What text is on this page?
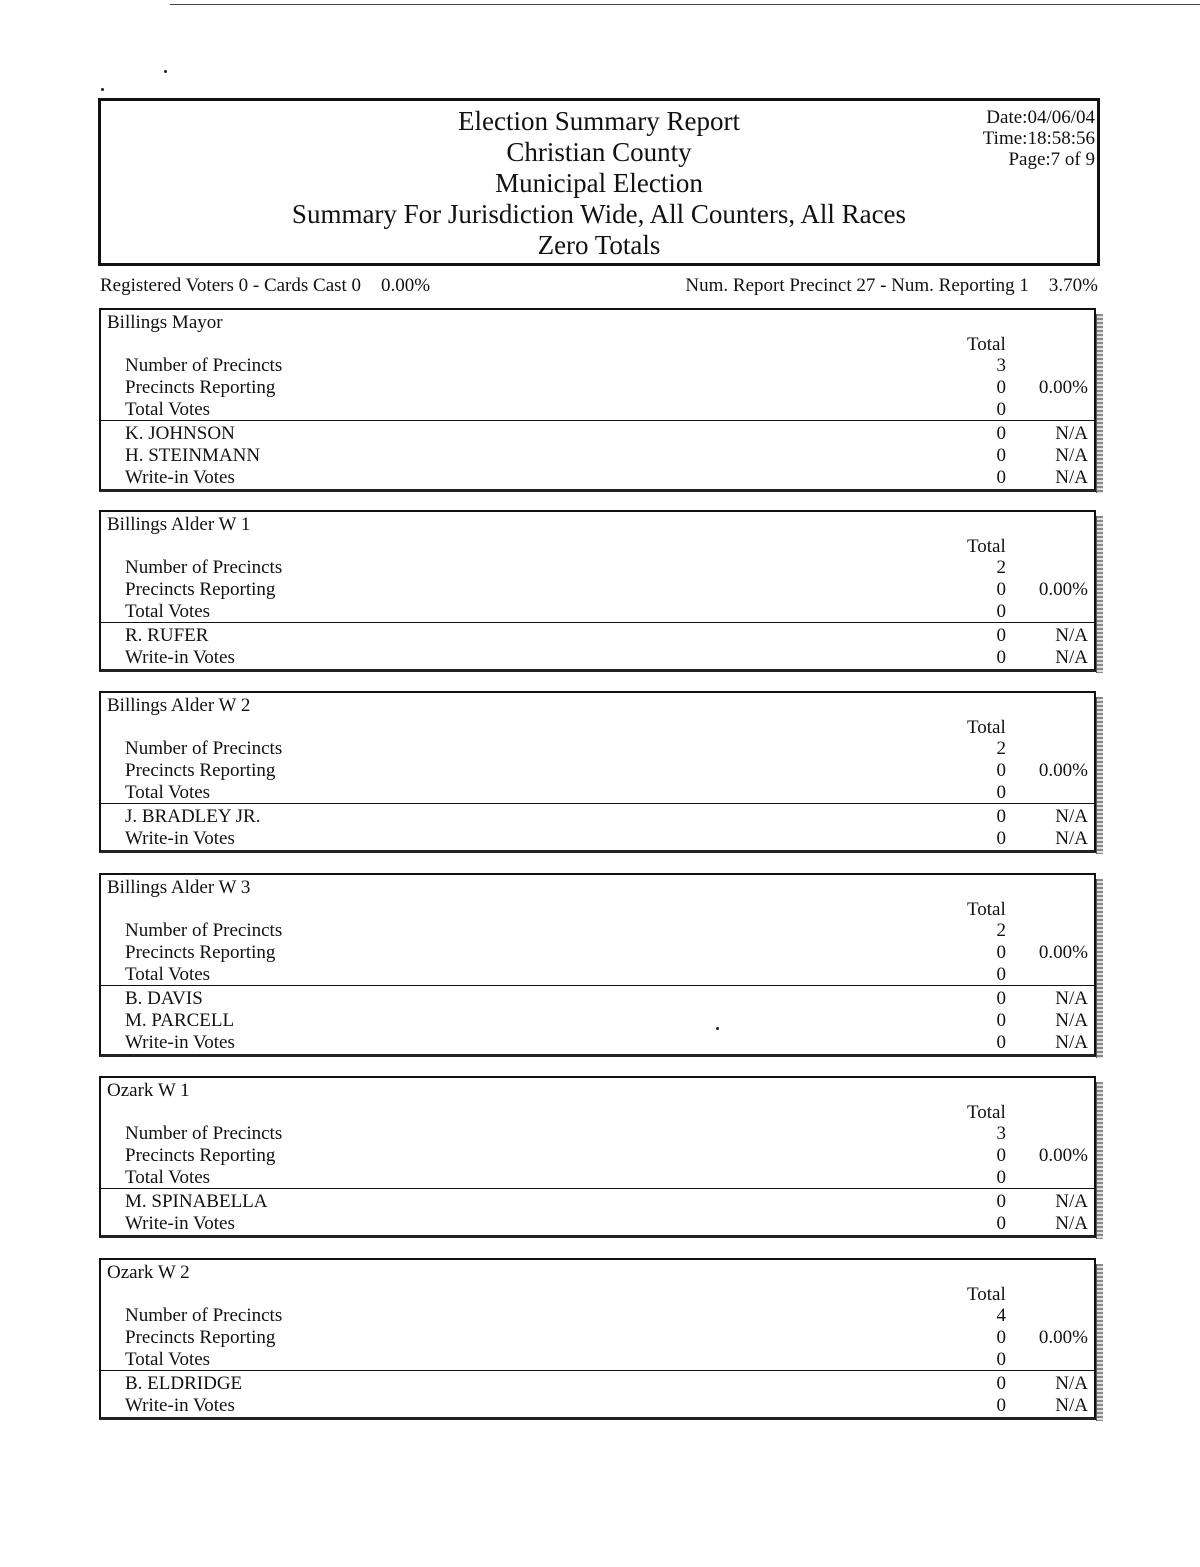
Election Summary Report
Christian County
Municipal Election
Summary For Jurisdiction Wide, All Counters, All Races
Zero Totals
Date:04/06/04
Time:18:58:56
Page:7 of 9
Registered Voters 0 - Cards Cast 0 0.00%	Num. Report Precinct 27 - Num. Reporting 1 3.70%
Billings Mayor
Total
Number of Precincts	3
Precincts Reporting	0 0.00%
Total Votes	0
K. JOHNSON	0	N/A
H. STEINMANN	0	N/A
Write-in Votes	0	N/A
Billings Alder W 1
Total
Number of Precincts	2
Precincts Reporting	0 0.00%
Total Votes	0
R. RUFER	0	N/A
Write-in Votes	0	N/A
Billings Alder W 2
Total
Number of Precincts	2
Precincts Reporting	0 0.00%
Total Votes	0
J. BRADLEY JR.	0	N/A
Write-in Votes	0	N/A
Billings Alder W 3
Total
Number of Precincts	2
Precincts Reporting	0 0.00%
Total Votes	0
B. DAVIS	0	N/A
M. PARCELL	0	N/A
Write-in Votes	0	N/A
Ozark W 1
Total
Number of Precincts	3
Precincts Reporting	0 0.00%
Total Votes	0
M. SPINABELLA	0	N/A
Write-in Votes	0	N/A
Ozark W 2
Total
Number of Precincts	4
Precincts Reporting	0 0.00%
Total Votes	0
B. ELDRIDGE	0	N/A
Write-in Votes	0	N/A
